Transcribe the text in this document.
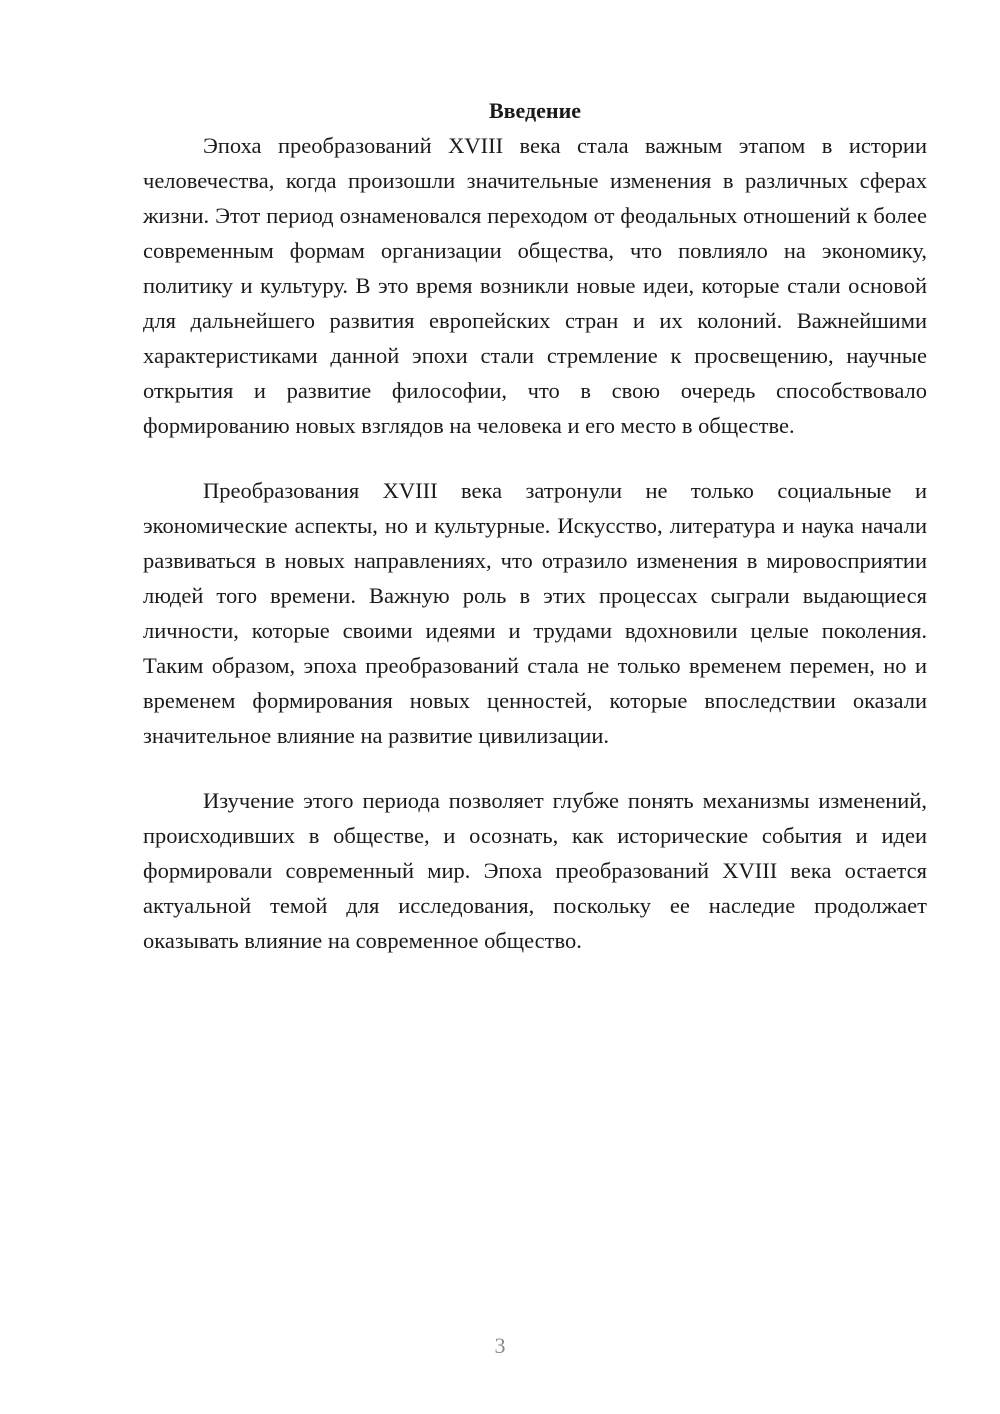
Введение

Эпоха преобразований XVIII века стала важным этапом в истории человечества, когда произошли значительные изменения в различных сферах жизни. Этот период ознаменовался переходом от феодальных отношений к более современным формам организации общества, что повлияло на экономику, политику и культуру. В это время возникли новые идеи, которые стали основой для дальнейшего развития европейских стран и их колоний. Важнейшими характеристиками данной эпохи стали стремление к просвещению, научные открытия и развитие философии, что в свою очередь способствовало формированию новых взглядов на человека и его место в обществе.

Преобразования XVIII века затронули не только социальные и экономические аспекты, но и культурные. Искусство, литература и наука начали развиваться в новых направлениях, что отразило изменения в мировосприятии людей того времени. Важную роль в этих процессах сыграли выдающиеся личности, которые своими идеями и трудами вдохновили целые поколения. Таким образом, эпоха преобразований стала не только временем перемен, но и временем формирования новых ценностей, которые впоследствии оказали значительное влияние на развитие цивилизации.

Изучение этого периода позволяет глубже понять механизмы изменений, происходивших в обществе, и осознать, как исторические события и идеи формировали современный мир. Эпоха преобразований XVIII века остается актуальной темой для исследования, поскольку ее наследие продолжает оказывать влияние на современное общество.

3
